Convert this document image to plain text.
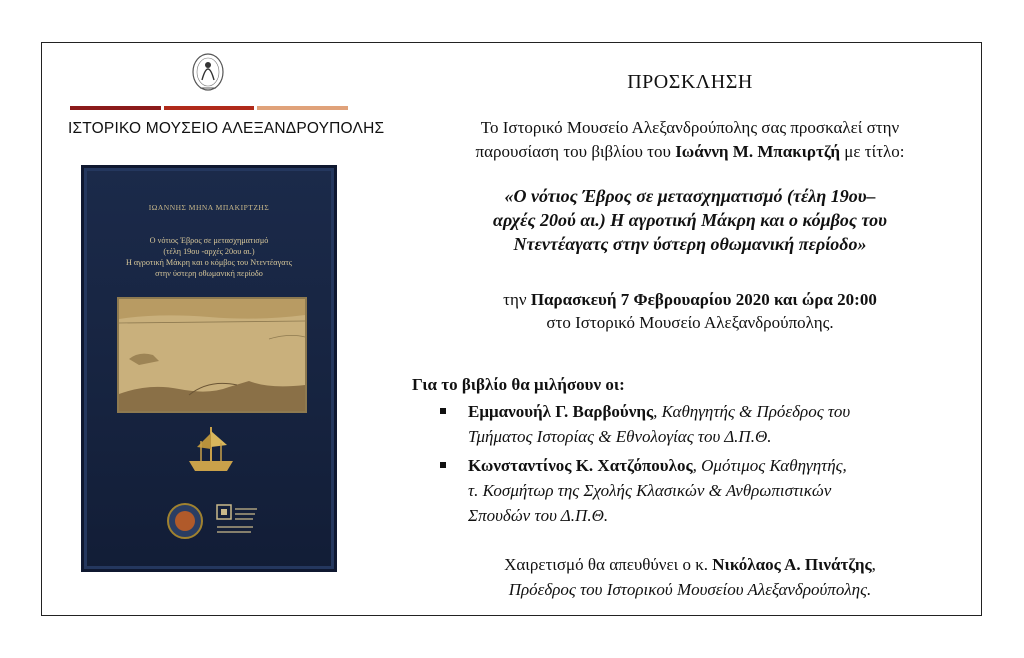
ΙΣΤΟΡΙΚΟ ΜΟΥΣΕΙΟ ΑΛΕΞΑΝΔΡΟΥΠΟΛΗΣ
ΙΩΑΝΝΗΣ ΜΗΝΑ ΜΠΑΚΙΡΤΖΗΣ
Ο νότιος Έβρος σε μετασχηματισμό
(τέλη 19ου -αρχές 20ου αι.)
Η αγροτική Μάκρη και ο κόμβος του Ντεντέαγατς
στην ύστερη οθωμανική περίοδο
ΠΡΟΣΚΛΗΣΗ
Το Ιστορικό Μουσείο Αλεξανδρούπολης σας προσκαλεί στην
παρουσίαση του βιβλίου του Ιωάννη Μ. Μπακιρτζή με τίτλο:
«Ο νότιος Έβρος σε μετασχηματισμό (τέλη 19ου–
αρχές 20ού αι.) Η αγροτική Μάκρη και ο κόμβος του
Ντεντέαγατς στην ύστερη οθωμανική περίοδο»
την Παρασκευή 7 Φεβρουαρίου 2020 και ώρα 20:00
στο Ιστορικό Μουσείο Αλεξανδρούπολης.
Για το βιβλίο θα μιλήσουν οι:
Εμμανουήλ Γ. Βαρβούνης, Καθηγητής & Πρόεδρος του
Τμήματος Ιστορίας & Εθνολογίας του Δ.Π.Θ.
Κωνσταντίνος Κ. Χατζόπουλος, Ομότιμος Καθηγητής,
τ. Κοσμήτωρ της Σχολής Κλασικών & Ανθρωπιστικών
Σπουδών του Δ.Π.Θ.
Χαιρετισμό θα απευθύνει ο κ. Νικόλαος Α. Πινάτζης,
Πρόεδρος του Ιστορικού Μουσείου Αλεξανδρούπολης.
